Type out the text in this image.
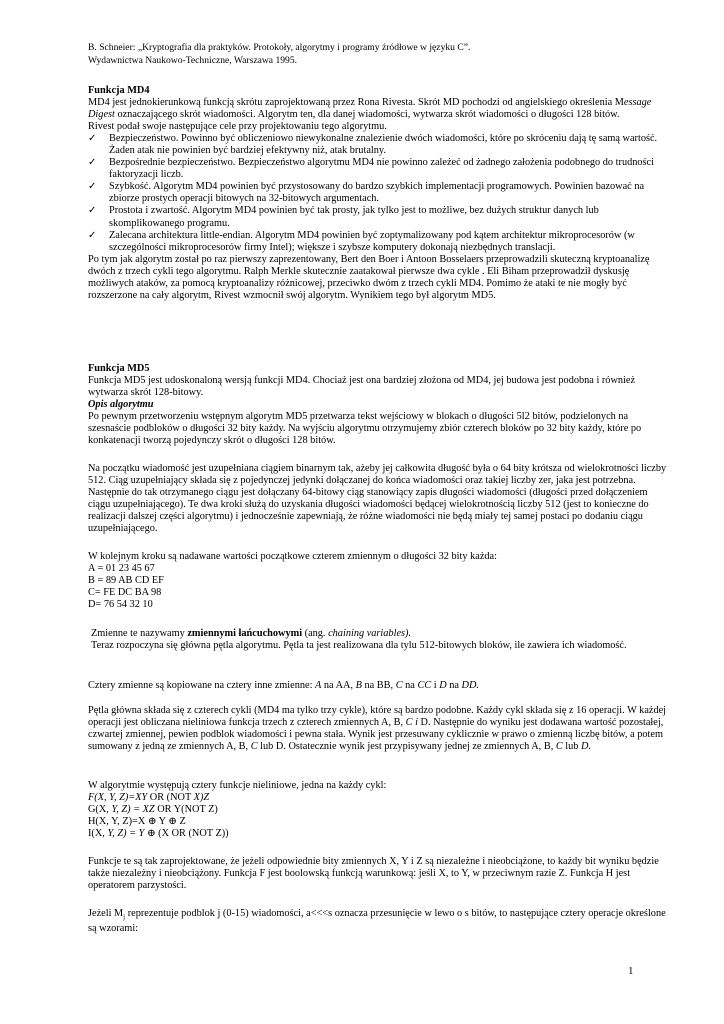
B. Schneier: „Kryptografia dla praktyków. Protokoły, algorytmy i programy źródłowe w języku C”.

Wydawnictwa Naukowo-Techniczne, Warszawa 1995.

Funkcja MD4

MD4 jest jednokierunkową funkcją skrótu zaprojektowaną przez Rona Rivesta. Skrót MD pochodzi od angielskiego określenia Message Digest oznaczającego skrót wiadomości. Algorytm ten, dla danej wiadomości, wytwarza skrót wiadomości o długości 128 bitów.

Rivest podał swoje następujące cele przy projektowaniu tego algorytmu.

✓ Bezpieczeństwo. Powinno być obliczeniowo niewykonalne znalezienie dwóch wiadomości, które po skróceniu dają tę samą wartość. Żaden atak nie powinien być bardziej efektywny niż, atak brutalny.
✓ Bezpośrednie bezpieczeństwo. Bezpieczeństwo algorytmu MD4 nie powinno zależeć od żadnego założenia podobnego do trudności faktoryzacji liczb.
✓ Szybkość. Algorytm MD4 powinien być przystosowany do bardzo szybkich implementacji programowych. Powinien bazować na zbiorze prostych operacji bitowych na 32-bitowych argumentach.
✓ Prostota i zwartość. Algorytm MD4 powinien być tak prosty, jak tylko jest to możliwe, bez dużych struktur danych lub skomplikowanego programu.
✓ Zalecana architektura little-endian. Algorytm MD4 powinien być zoptymalizowany pod kątem architektur mikroprocesorów (w szczególności mikroprocesorów firmy Intel); większe i szybsze komputery dokonają niezbędnych translacji.

Po tym jak algorytm został po raz pierwszy zaprezentowany, Bert den Boer i Antoon Bosselaers przeprowadzili skuteczną kryptoanalizę dwóch z trzech cykli tego algorytmu. Ralph Merkle skutecznie zaatakował pierwsze dwa cykle . Eli Biham przeprowadził dyskusję możliwych ataków, za pomocą kryptoanalizy różnicowej, przeciwko dwóm z trzech cykli MD4. Pomimo że ataki te nie mogły być rozszerzone na cały algorytm, Rivest wzmocnił swój algorytm. Wynikiem tego był algorytm MD5.

Funkcja MD5

Funkcja MD5 jest udoskonaloną wersją funkcji MD4. Chociaż jest ona bardziej złożona od MD4, jej budowa jest podobna i również wytwarza skrót 128-bitowy.

Opis algorytmu

Po pewnym przetworzeniu wstępnym algorytm MD5 przetwarza tekst wejściowy w blokach o długości 5l2 bitów, podzielonych na szesnaście podbloków o długości 32 bity każdy. Na wyjściu algorytmu otrzymujemy zbiór czterech bloków po 32 bity każdy, które po konkatenacji tworzą pojedynczy skrót o długości 128 bitów.

Na początku wiadomość jest uzupełniana ciągiem binarnym tak, ażeby jej całkowita długość była o 64 bity krótsza od wielokrotności liczby 512. Ciąg uzupełniający składa się z pojedynczej jedynki dołączanej do końca wiadomości oraz takiej liczby zer, jaka jest potrzebna. Następnie do tak otrzymanego ciągu jest dołączany 64-bitowy ciąg stanowiący zapis długości wiadomości (długości przed dołączeniem ciągu uzupełniającego). Te dwa kroki służą do uzyskania długości wiadomości będącej wielokrotnością liczby 512 (jest to konieczne do realizacji dalszej części algorytmu) i jednocześnie zapewniają, że różne wiadomości nie będą miały tej samej postaci po dodaniu ciągu uzupełniającego.

W kolejnym kroku są nadawane wartości początkowe czterem zmiennym o długości 32 bity każda:

A = 01 23 45 67

B = 89 AB CD EF

C= FE DC BA 98

D= 76 54 32 10

Zmienne te nazywamy zmiennymi łańcuchowymi (ang. chaining variables).

Teraz rozpoczyna się główna pętla algorytmu. Pętla ta jest realizowana dla tylu 512-bitowych bloków, ile zawiera ich wiadomość.

Cztery zmienne są kopiowane na cztery inne zmienne: A na AA, B na BB, C na CC i D na DD.

Pętla główna składa się z czterech cykli (MD4 ma tylko trzy cykle), które są bardzo podobne. Każdy cykl składa się z 16 operacji. W każdej operacji jest obliczana nieliniowa funkcja trzech z czterech zmiennych A, B, C i D. Następnie do wyniku jest dodawana wartość pozostałej, czwartej zmiennej, pewien podblok wiadomości i pewna stała. Wynik jest przesuwany cyklicznie w prawo o zmienną liczbę bitów, a potem sumowany z jedną ze zmiennych A, B, C lub D. Ostatecznie wynik jest przypisywany jednej ze zmiennych A, B, C lub D.

W algorytmie występują cztery funkcje nieliniowe, jedna na każdy cykl:

F(X, Y, Z)=XY OR (NOT X)Z

G(X, Y, Z) = XZ OR Y(NOT Z)

H(X, Y, Z)=X ⊕ Y ⊕ Z

I(X, Y, Z) = Y ⊕ (X OR (NOT Z))

Funkcje te są tak zaprojektowane, że jeżeli odpowiednie bity zmiennych X, Y i Z są niezależne i nieobciążone, to każdy bit wyniku będzie także niezależny i nieobciążony. Funkcja F jest boolowską funkcją warunkową: jeśli X, to Y, w przeciwnym razie Z. Funkcja H jest operatorem parzystości.

Jeżeli $M_j$ reprezentuje podblok j (0-15) wiadomości, a<<<s oznacza przesunięcie w lewo o s bitów, to następujące cztery operacje określone są wzorami:

1
